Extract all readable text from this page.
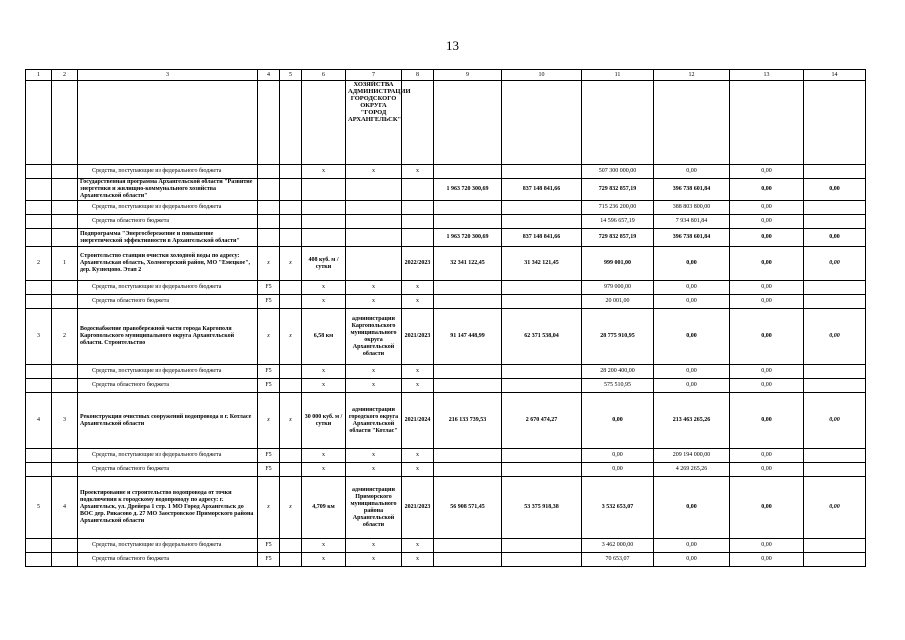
13
1	2	3	4	5	6	7	8	9	10	11	12	13	14
						ХОЗЯЙСТВА АДМИНИСТРАЦИИ ГОРОДСКОГО ОКРУГА "ГОРОД АРХАНГЕЛЬСК"							
		Средства, поступающие из федерального бюджета			x	x	x			507 300 000,00	0,00	0,00	
		Государственная программа Архангельской области "Развитие энергетики и жилищно-коммунального хозяйства Архангельской области"						1 963 720 300,69	837 148 841,66	729 832 857,19	396 738 601,84	0,00	0,00
		Средства, поступающие из федерального бюджета								715 236 200,00	388 803 800,00	0,00	
		Средства областного бюджета								14 596 657,19	7 934 801,84	0,00	
		Подпрограмма "Энергосбережение и повышение энергетической эффективности в Архангельской области"						1 963 720 300,69	837 148 841,66	729 832 857,19	396 738 601,84	0,00	0,00
2	1	Строительство станции очистки холодной воды по адресу: Архангельская область, Холмогорский район, МО "Емецкое", дер. Кузнецово. Этап 2	x	x	408 куб. м / сутки		2022/2023	32 341 122,45	31 342 121,45	999 001,00	0,00	0,00	0,00
		Средства, поступающие из федерального бюджета	F5		x	x	x			979 000,00	0,00	0,00	
		Средства областного бюджета	F5		x	x	x			20 001,00	0,00	0,00	
3	2	Водоснабжение правобережной части города Каргополя Каргопольского муниципального округа Архангельской области. Строительство	x	x	6,58 км	администрации Каргопольского муниципального округа Архангельской области	2021/2023	91 147 448,99	62 371 538,04	28 775 910,95	0,00	0,00	0,00
		Средства, поступающие из федерального бюджета	F5		x	x	x			28 200 400,00	0,00	0,00	
		Средства областного бюджета	F5		x	x	x			575 510,95	0,00	0,00	
4	3	Реконструкция очистных сооружений водопровода в г. Котласе Архангельской области	x	x	30 000 куб. м / сутки	администрации городского округа Архангельской области "Котлас"	2021/2024	216 133 739,53	2 670 474,27	0,00	213 463 265,26	0,00	0,00
		Средства, поступающие из федерального бюджета	F5		x	x	x			0,00	209 194 000,00	0,00	
		Средства областного бюджета	F5		x	x	x			0,00	4 269 265,26	0,00	
5	4	Проектирование и строительство водопровода от точки подключения к городскому водопроводу по адресу: г. Архангельск, ул. Дрейера 1 стр. 1 МО Город Архангельск до ВОС дер. Рикасово д. 27 МО Заостровское Приморского района Архангельской области	x	x	4,709 км	администрации Приморского муниципального района Архангельской области	2021/2023	56 908 571,45	53 375 918,38	3 532 653,07	0,00	0,00	0,00
		Средства, поступающие из федерального бюджета	F5		x	x	x			3 462 000,00	0,00	0,00	
		Средства областного бюджета	F5		x	x	x			70 653,07	0,00	0,00	
